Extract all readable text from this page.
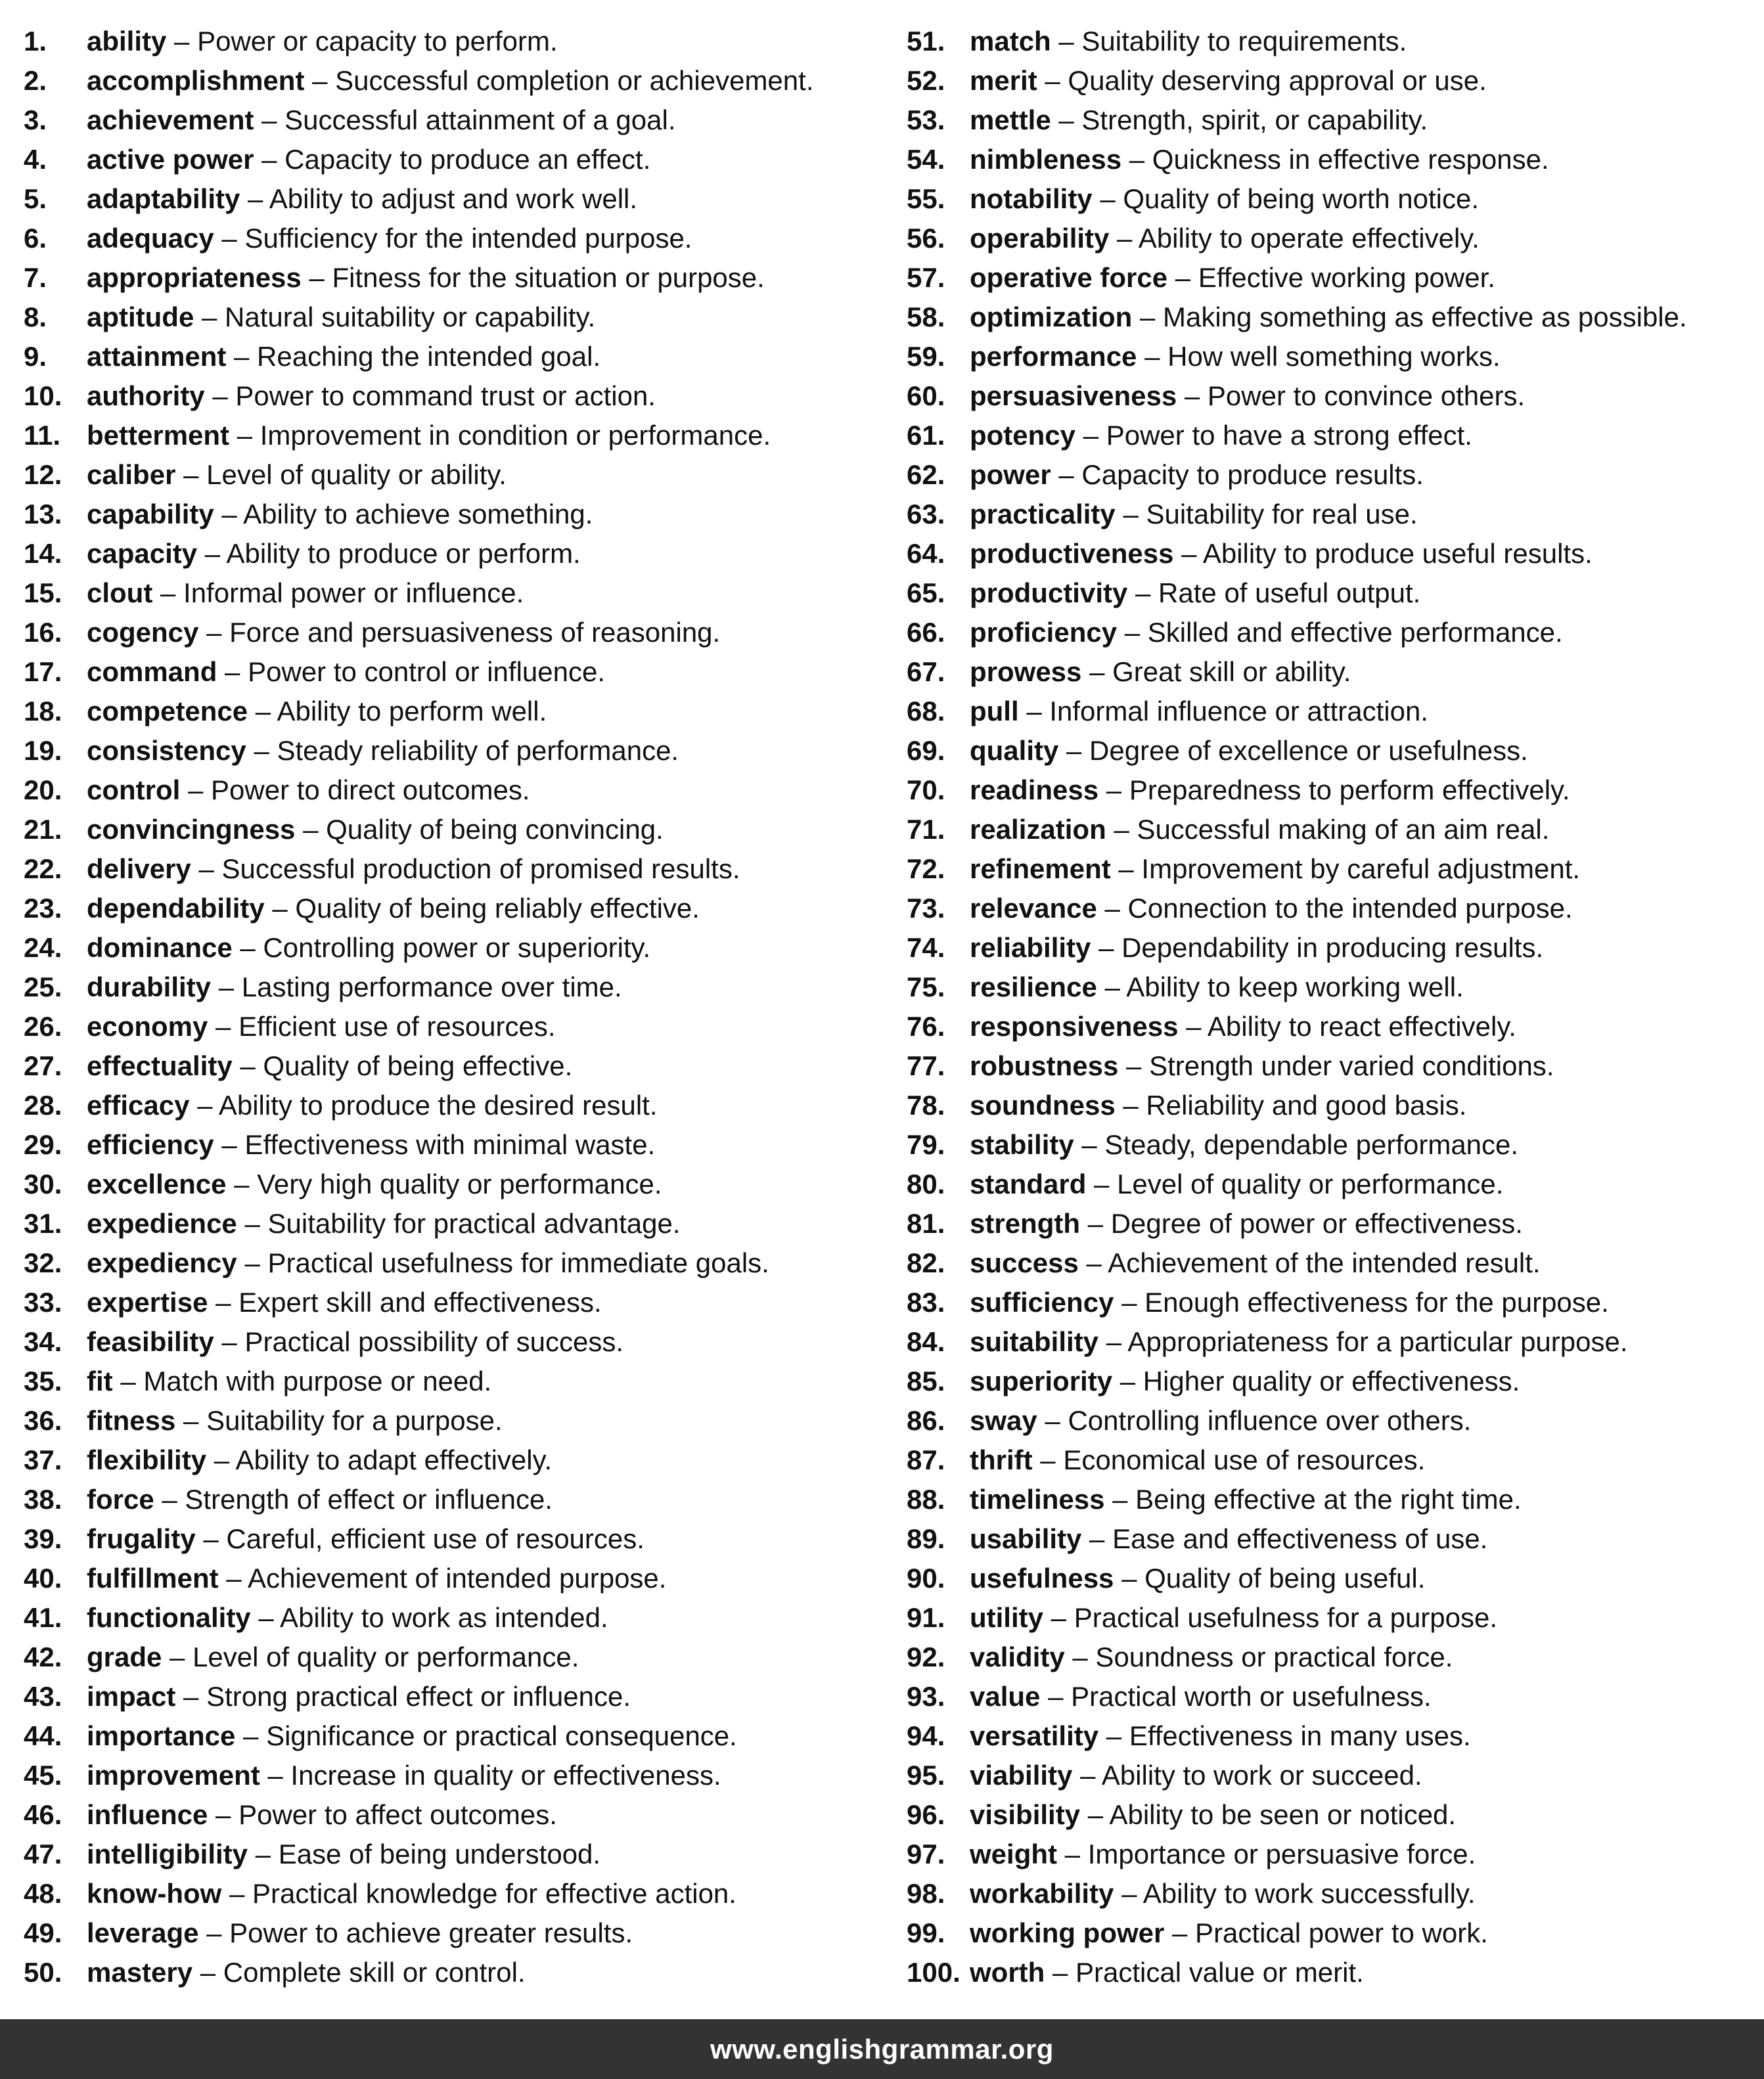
1. ability – Power or capacity to perform.
2. accomplishment – Successful completion or achievement.
3. achievement – Successful attainment of a goal.
4. active power – Capacity to produce an effect.
5. adaptability – Ability to adjust and work well.
6. adequacy – Sufficiency for the intended purpose.
7. appropriateness – Fitness for the situation or purpose.
8. aptitude – Natural suitability or capability.
9. attainment – Reaching the intended goal.
10. authority – Power to command trust or action.
11. betterment – Improvement in condition or performance.
12. caliber – Level of quality or ability.
13. capability – Ability to achieve something.
14. capacity – Ability to produce or perform.
15. clout – Informal power or influence.
16. cogency – Force and persuasiveness of reasoning.
17. command – Power to control or influence.
18. competence – Ability to perform well.
19. consistency – Steady reliability of performance.
20. control – Power to direct outcomes.
21. convincingness – Quality of being convincing.
22. delivery – Successful production of promised results.
23. dependability – Quality of being reliably effective.
24. dominance – Controlling power or superiority.
25. durability – Lasting performance over time.
26. economy – Efficient use of resources.
27. effectuality – Quality of being effective.
28. efficacy – Ability to produce the desired result.
29. efficiency – Effectiveness with minimal waste.
30. excellence – Very high quality or performance.
31. expedience – Suitability for practical advantage.
32. expediency – Practical usefulness for immediate goals.
33. expertise – Expert skill and effectiveness.
34. feasibility – Practical possibility of success.
35. fit – Match with purpose or need.
36. fitness – Suitability for a purpose.
37. flexibility – Ability to adapt effectively.
38. force – Strength of effect or influence.
39. frugality – Careful, efficient use of resources.
40. fulfillment – Achievement of intended purpose.
41. functionality – Ability to work as intended.
42. grade – Level of quality or performance.
43. impact – Strong practical effect or influence.
44. importance – Significance or practical consequence.
45. improvement – Increase in quality or effectiveness.
46. influence – Power to affect outcomes.
47. intelligibility – Ease of being understood.
48. know-how – Practical knowledge for effective action.
49. leverage – Power to achieve greater results.
50. mastery – Complete skill or control.
51. match – Suitability to requirements.
52. merit – Quality deserving approval or use.
53. mettle – Strength, spirit, or capability.
54. nimbleness – Quickness in effective response.
55. notability – Quality of being worth notice.
56. operability – Ability to operate effectively.
57. operative force – Effective working power.
58. optimization – Making something as effective as possible.
59. performance – How well something works.
60. persuasiveness – Power to convince others.
61. potency – Power to have a strong effect.
62. power – Capacity to produce results.
63. practicality – Suitability for real use.
64. productiveness – Ability to produce useful results.
65. productivity – Rate of useful output.
66. proficiency – Skilled and effective performance.
67. prowess – Great skill or ability.
68. pull – Informal influence or attraction.
69. quality – Degree of excellence or usefulness.
70. readiness – Preparedness to perform effectively.
71. realization – Successful making of an aim real.
72. refinement – Improvement by careful adjustment.
73. relevance – Connection to the intended purpose.
74. reliability – Dependability in producing results.
75. resilience – Ability to keep working well.
76. responsiveness – Ability to react effectively.
77. robustness – Strength under varied conditions.
78. soundness – Reliability and good basis.
79. stability – Steady, dependable performance.
80. standard – Level of quality or performance.
81. strength – Degree of power or effectiveness.
82. success – Achievement of the intended result.
83. sufficiency – Enough effectiveness for the purpose.
84. suitability – Appropriateness for a particular purpose.
85. superiority – Higher quality or effectiveness.
86. sway – Controlling influence over others.
87. thrift – Economical use of resources.
88. timeliness – Being effective at the right time.
89. usability – Ease and effectiveness of use.
90. usefulness – Quality of being useful.
91. utility – Practical usefulness for a purpose.
92. validity – Soundness or practical force.
93. value – Practical worth or usefulness.
94. versatility – Effectiveness in many uses.
95. viability – Ability to work or succeed.
96. visibility – Ability to be seen or noticed.
97. weight – Importance or persuasive force.
98. workability – Ability to work successfully.
99. working power – Practical power to work.
100. worth – Practical value or merit.
www.englishgrammar.org
